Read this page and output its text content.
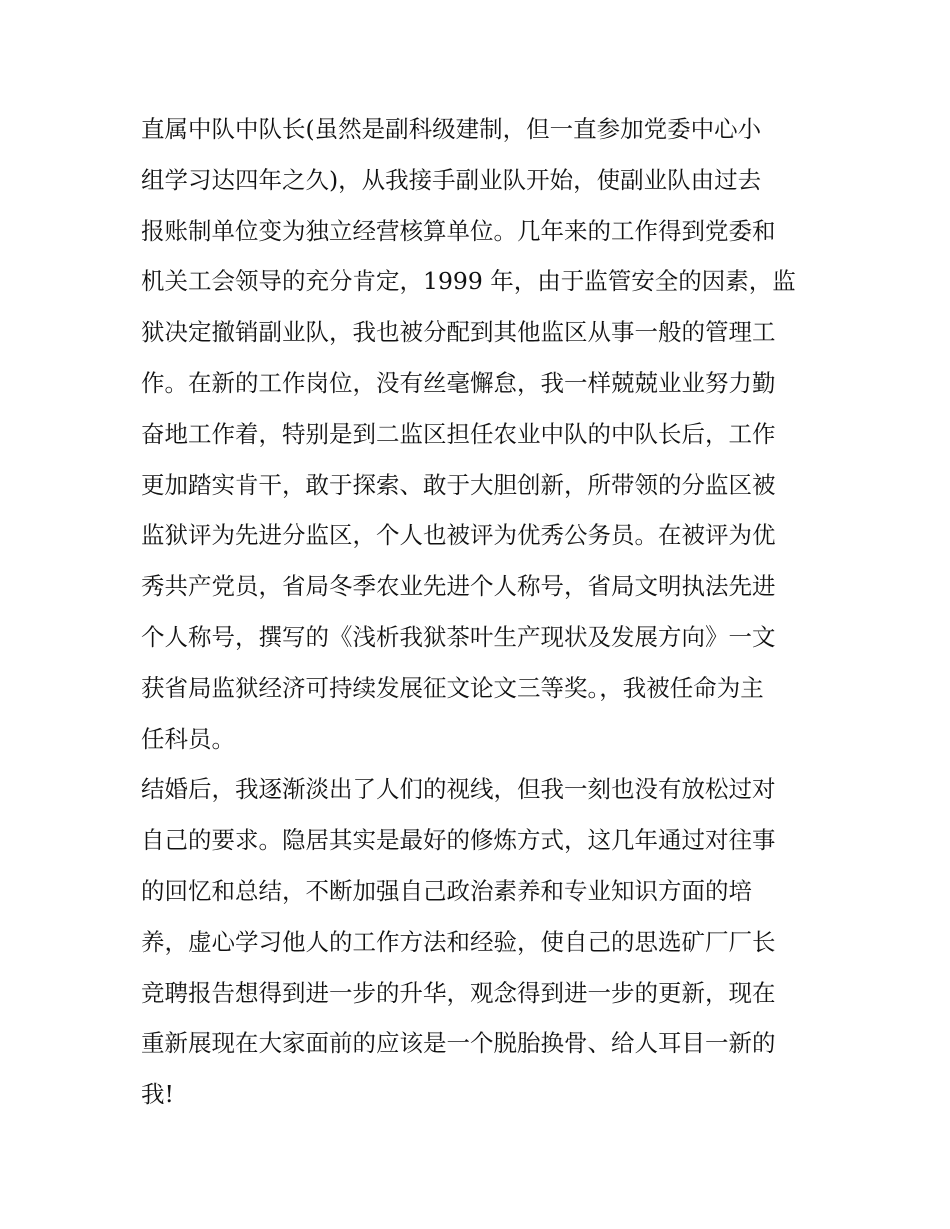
直属中队中队长(虽然是副科级建制，但一直参加党委中心小
组学习达四年之久)，从我接手副业队开始，使副业队由过去
报账制单位变为独立经营核算单位。几年来的工作得到党委和
机关工会领导的充分肯定，1999 年，由于监管安全的因素，监
狱决定撤销副业队，我也被分配到其他监区从事一般的管理工
作。在新的工作岗位，没有丝毫懈怠，我一样兢兢业业努力勤
奋地工作着，特别是到二监区担任农业中队的中队长后，工作
更加踏实肯干，敢于探索、敢于大胆创新，所带领的分监区被
监狱评为先进分监区，个人也被评为优秀公务员。在被评为优
秀共产党员，省局冬季农业先进个人称号，省局文明执法先进
个人称号，撰写的《浅析我狱茶叶生产现状及发展方向》一文
获省局监狱经济可持续发展征文论文三等奖。，我被任命为主
任科员。
结婚后，我逐渐淡出了人们的视线，但我一刻也没有放松过对
自己的要求。隐居其实是最好的修炼方式，这几年通过对往事
的回忆和总结，不断加强自己政治素养和专业知识方面的培
养，虚心学习他人的工作方法和经验，使自己的思选矿厂厂长
竞聘报告想得到进一步的升华，观念得到进一步的更新，现在
重新展现在大家面前的应该是一个脱胎换骨、给人耳目一新的
我!
